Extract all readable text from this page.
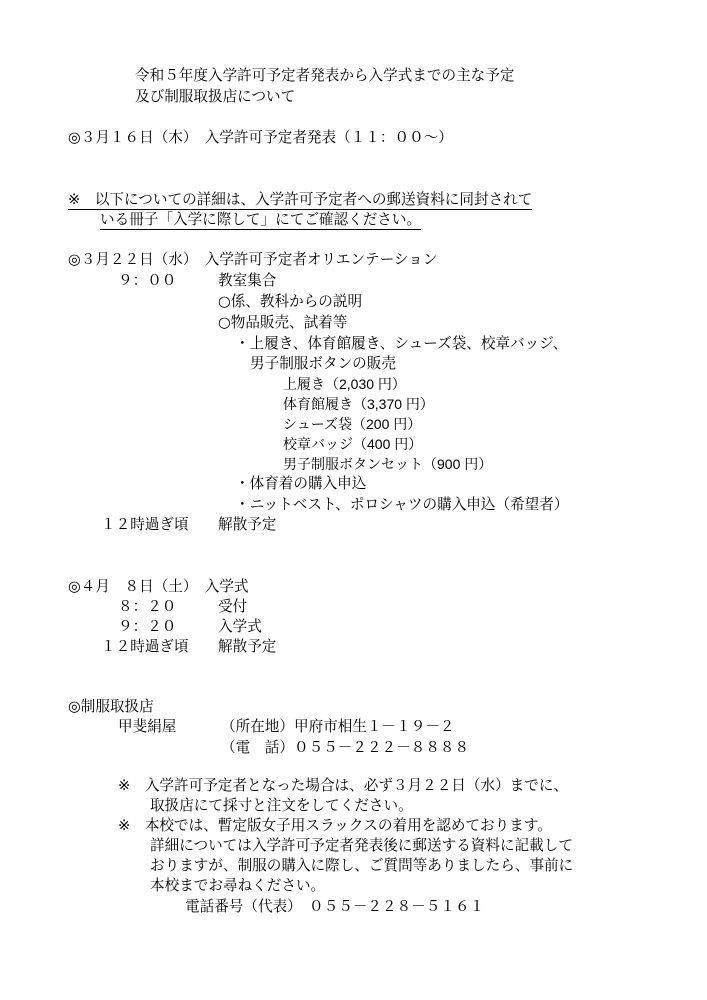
令和５年度入学許可予定者発表から入学式までの主な予定
及び制服取扱店について
◎３月１６日（木）　入学許可予定者発表（１１：００〜）
※　以下についての詳細は、入学許可予定者への郵送資料に同封されて
いる冊子「入学に際して」にてご確認ください。
◎３月２２日（水）　入学許可予定者オリエンテーション
９：００	教室集合
○係、教科からの説明
○物品販売、試着等
・上履き、体育館履き、シューズ袋、校章バッジ、
男子制服ボタンの販売
上履き（2,030 円）
体育館履き（3,370 円）
シューズ袋（200 円）
校章バッジ（400 円）
男子制服ボタンセット（900 円）
・体育着の購入申込
・ニットベスト、ポロシャツの購入申込（希望者）
１２時過ぎ頃 解散予定
◎４月　８日（土）　入学式
８：２０	受付
９：２０	入学式
１２時過ぎ頃 解散予定
◎制服取扱店
甲斐絹屋	（所在地）甲府市相生１－１９－２
（電　話）０５５－２２２－８８８８
※　入学許可予定者となった場合は、必ず３月２２日（水）までに、
取扱店にて採寸と注文をしてください。
※　本校では、暫定版女子用スラックスの着用を認めております。
詳細については入学許可予定者発表後に郵送する資料に記載して
おりますが、制服の購入に際し、ご質問等ありましたら、事前に
本校までお尋ねください。
電話番号（代表）　０５５－２２８－５１６１
